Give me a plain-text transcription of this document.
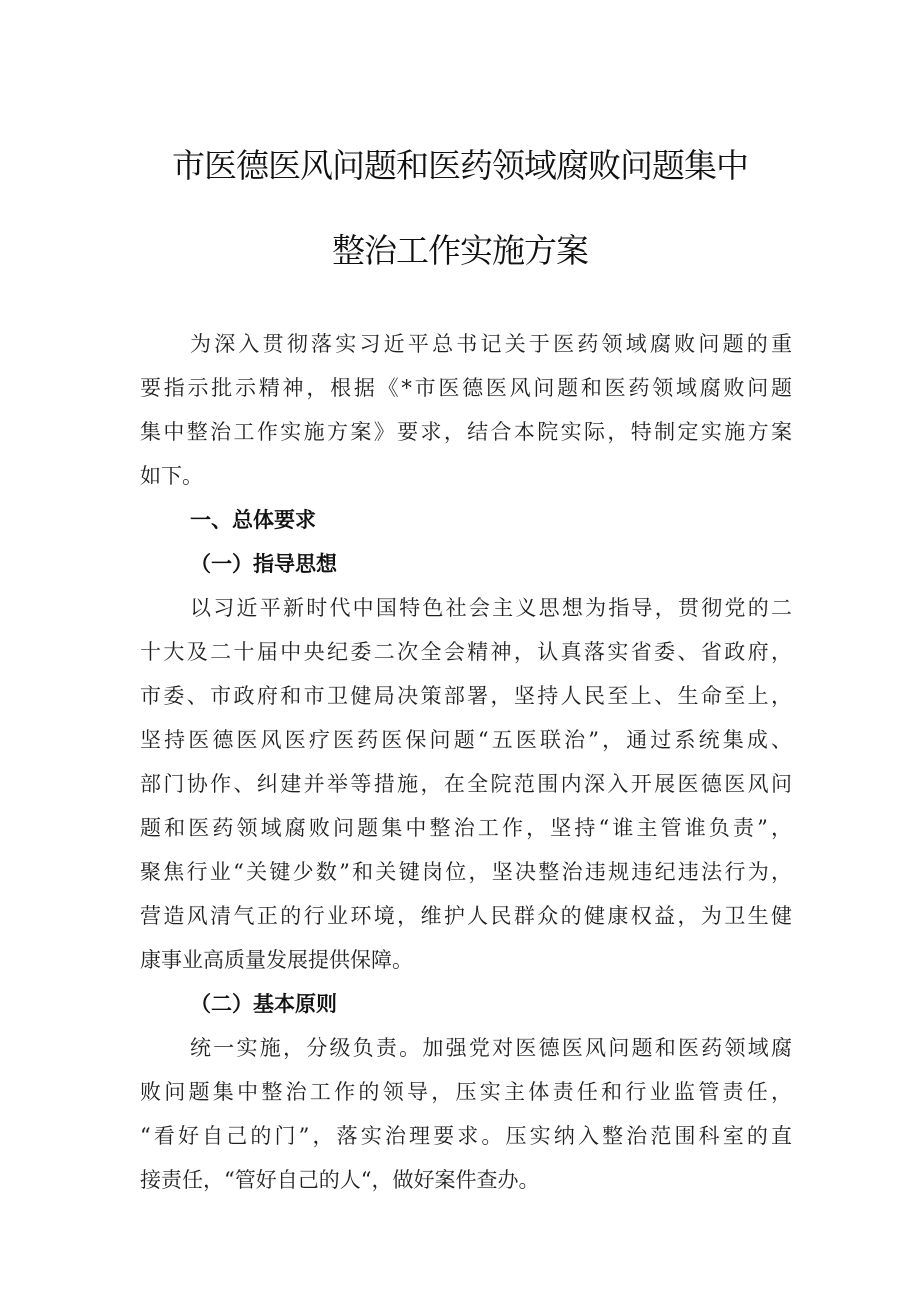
市医德医风问题和医药领域腐败问题集中
整治工作实施方案
为深入贯彻落实习近平总书记关于医药领域腐败问题的重
要指示批示精神，根据《*市医德医风问题和医药领域腐败问题
集中整治工作实施方案》要求，结合本院实际，特制定实施方案
如下。
一、总体要求
（一）指导思想
以习近平新时代中国特色社会主义思想为指导，贯彻党的二
十大及二十届中央纪委二次全会精神，认真落实省委、省政府，
市委、市政府和市卫健局决策部署，坚持人民至上、生命至上，
坚持医德医风医疗医药医保问题“五医联治”，通过系统集成、
部门协作、纠建并举等措施，在全院范围内深入开展医德医风问
题和医药领域腐败问题集中整治工作，坚持“谁主管谁负责”，
聚焦行业“关键少数”和关键岗位，坚决整治违规违纪违法行为，
营造风清气正的行业环境，维护人民群众的健康权益，为卫生健
康事业高质量发展提供保障。
（二）基本原则
统一实施，分级负责。加强党对医德医风问题和医药领域腐
败问题集中整治工作的领导，压实主体责任和行业监管责任，
“看好自己的门”，落实治理要求。压实纳入整治范围科室的直
接责任，“管好自己的人“，做好案件查办。
